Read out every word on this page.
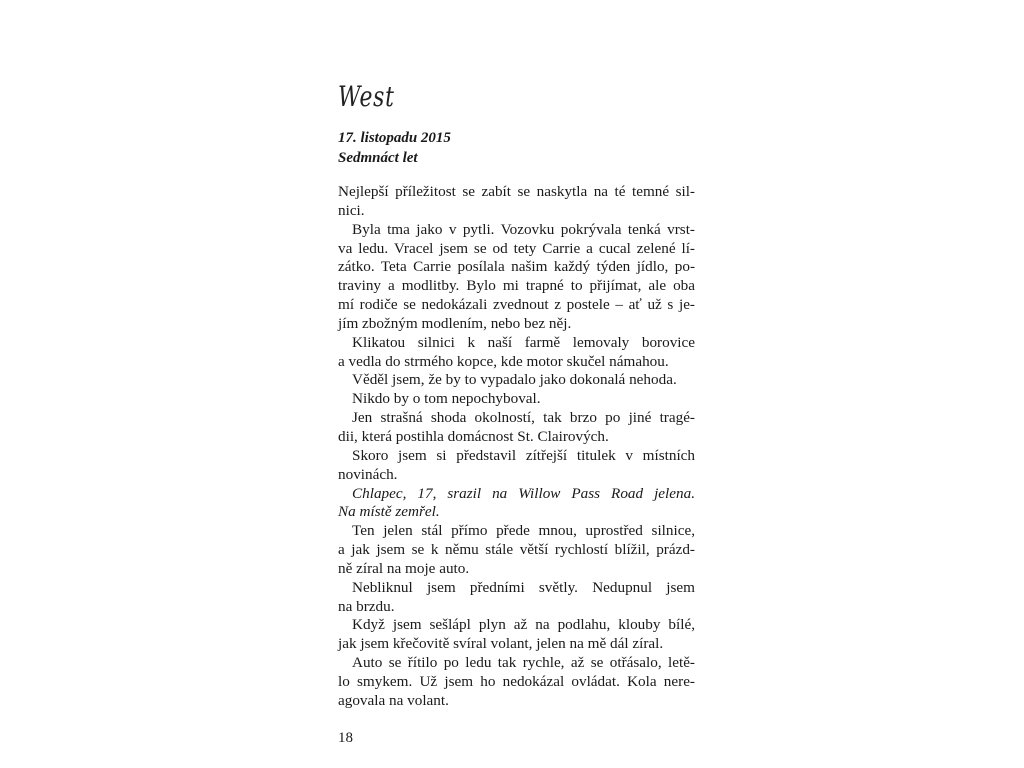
West
17. listopadu 2015
Sedmnáct let
Nejlepší příležitost se zabít se naskytla na té temné sil-
nici.
Byla tma jako v pytli. Vozovku pokrývala tenká vrst-
va ledu. Vracel jsem se od tety Carrie a cucal zelené lí-
zátko. Teta Carrie posílala našim každý týden jídlo, po-
traviny a modlitby. Bylo mi trapné to přijímat, ale oba
mí rodiče se nedokázali zvednout z postele – ať už s je-
jím zbožným modlením, nebo bez něj.
Klikatou silnici k naší farmě lemovaly borovice
a vedla do strmého kopce, kde motor skučel námahou.
Věděl jsem, že by to vypadalo jako dokonalá nehoda.
Nikdo by o tom nepochyboval.
Jen strašná shoda okolností, tak brzo po jiné tragé-
dii, která postihla domácnost St. Clairových.
Skoro jsem si představil zítřejší titulek v místních
novinách.
Chlapec, 17, srazil na Willow Pass Road jelena.
Na místě zemřel.
Ten jelen stál přímo přede mnou, uprostřed silnice,
a jak jsem se k němu stále větší rychlostí blížil, prázd-
ně zíral na moje auto.
Nebliknul jsem předními světly. Nedupnul jsem
na brzdu.
Když jsem sešlápl plyn až na podlahu, klouby bílé,
jak jsem křečovitě svíral volant, jelen na mě dál zíral.
Auto se řítilo po ledu tak rychle, až se otřásalo, letě-
lo smykem. Už jsem ho nedokázal ovládat. Kola nere-
agovala na volant.
18
